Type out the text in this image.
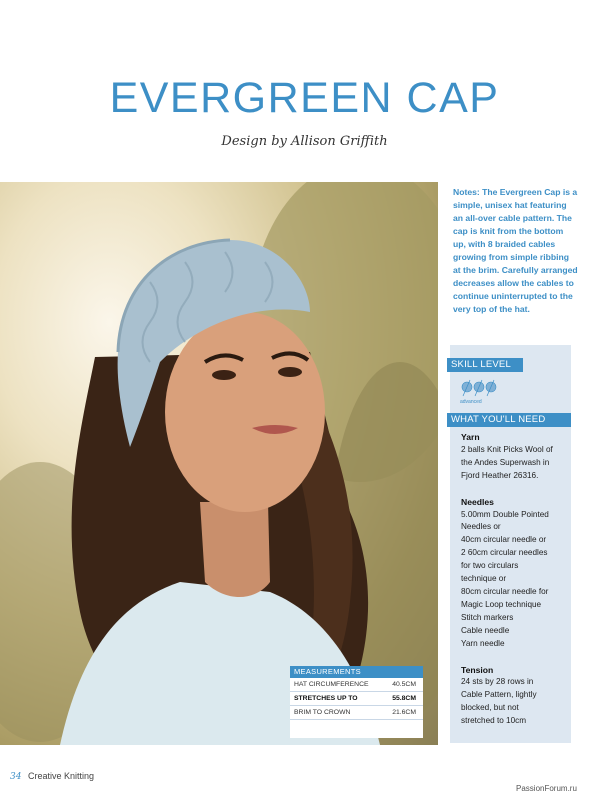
EVERGREEN CAP
Design by Allison Griffith
Notes: The Evergreen Cap is a simple, unisex hat featuring an all-over cable pattern. The cap is knit from the bottom up, with 8 braided cables growing from simple ribbing at the brim. Carefully arranged decreases allow the cables to continue uninterrupted to the very top of the hat.
SKILL LEVEL
advanced
WHAT YOU'LL NEED
Yarn
2 balls Knit Picks Wool of
the Andes Superwash in
Fjord Heather 26316.
Needles
5.00mm Double Pointed
Needles or
40cm circular needle or
2 60cm circular needles
for two circulars
technique or
80cm circular needle for
Magic Loop technique
Stitch markers
Cable needle
Yarn needle
Tension
24 sts by 28 rows in
Cable Pattern, lightly
blocked, but not
stretched to 10cm
MEASUREMENTS
HAT CIRCUMFERENCE	40.5CM
STRETCHES UP TO	55.8CM
BRIM TO CROWN	21.6CM
34 Creative Knitting
PassionForum.ru
